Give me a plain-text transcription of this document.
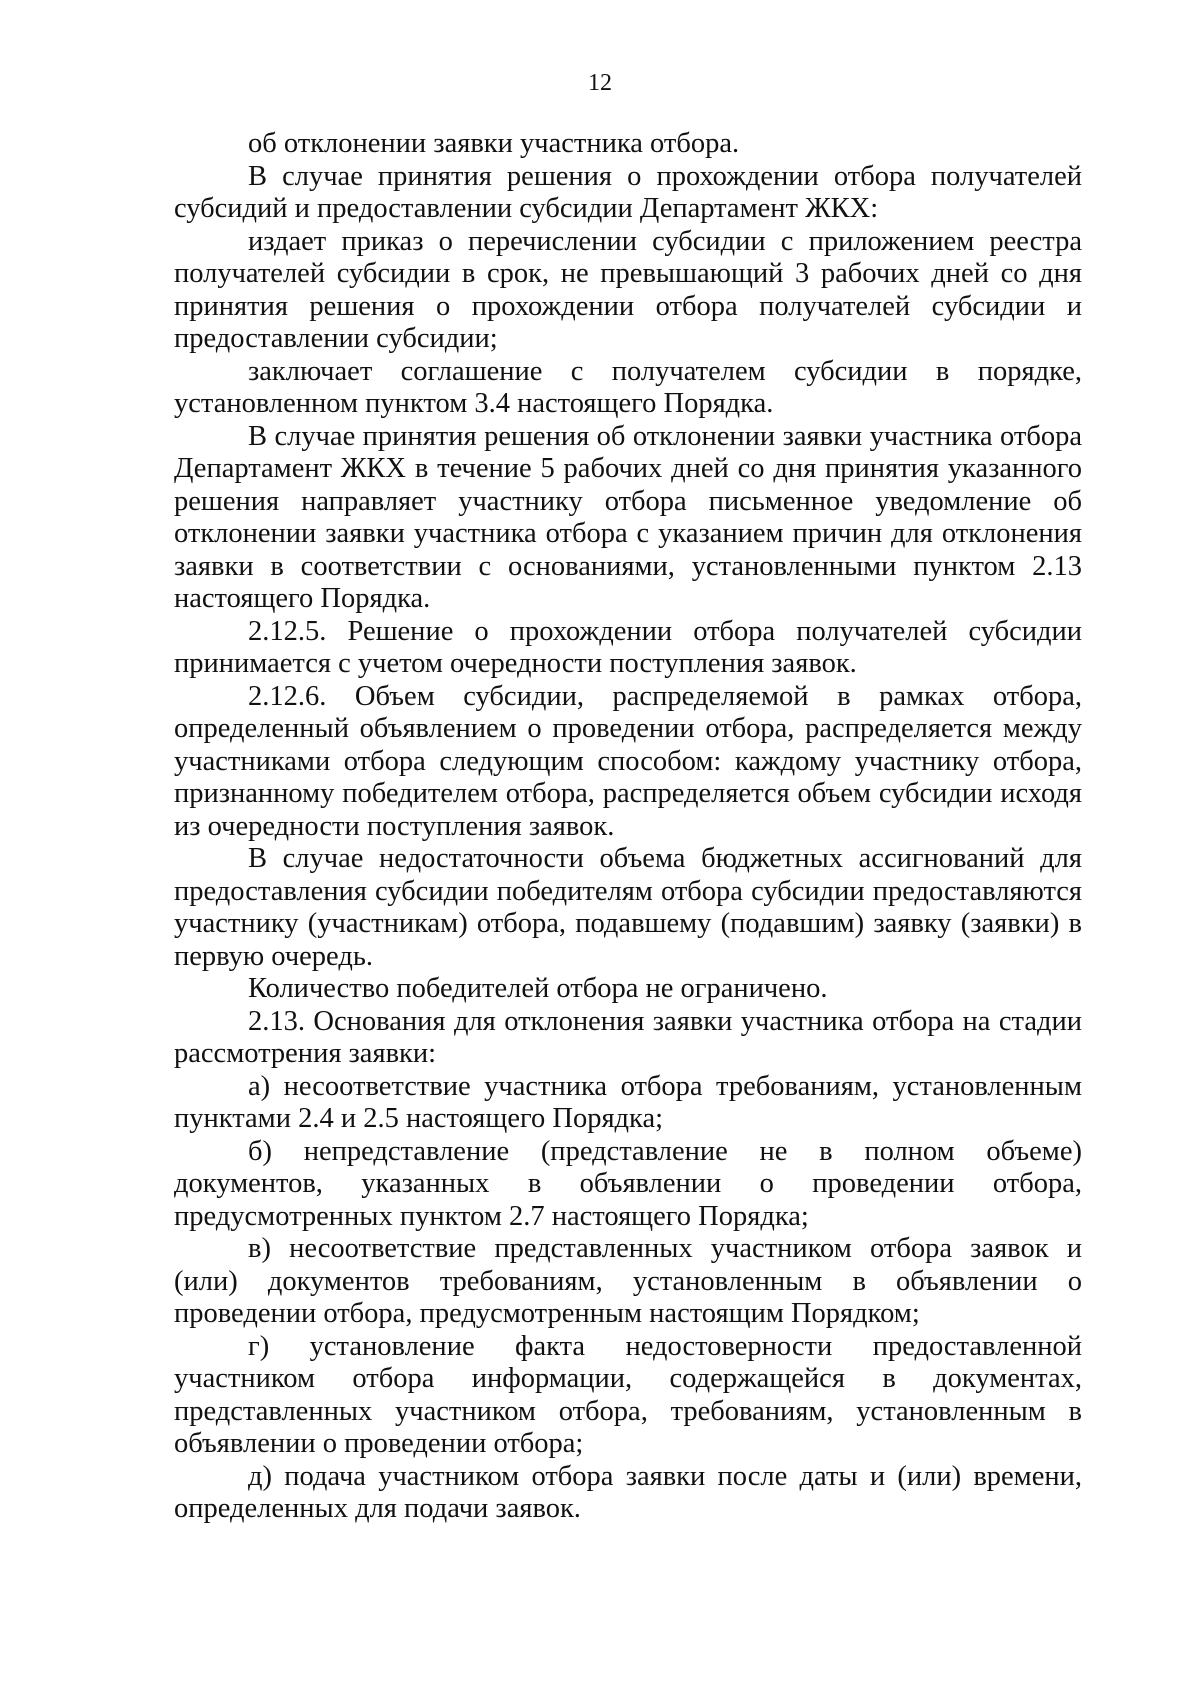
12

об отклонении заявки участника отбора.

В случае принятия решения о прохождении отбора получателей субсидий и предоставлении субсидии Департамент ЖКХ:

издает приказ о перечислении субсидии с приложением реестра получателей субсидии в срок, не превышающий 3 рабочих дней со дня принятия решения о прохождении отбора получателей субсидии и предоставлении субсидии;

заключает соглашение с получателем субсидии в порядке, установленном пунктом 3.4 настоящего Порядка.

В случае принятия решения об отклонении заявки участника отбора Департамент ЖКХ в течение 5 рабочих дней со дня принятия указанного решения направляет участнику отбора письменное уведомление об отклонении заявки участника отбора с указанием причин для отклонения заявки в соответствии с основаниями, установленными пунктом 2.13 настоящего Порядка.

2.12.5. Решение о прохождении отбора получателей субсидии принимается с учетом очередности поступления заявок.

2.12.6. Объем субсидии, распределяемой в рамках отбора, определенный объявлением о проведении отбора, распределяется между участниками отбора следующим способом: каждому участнику отбора, признанному победителем отбора, распределяется объем субсидии исходя из очередности поступления заявок.

В случае недостаточности объема бюджетных ассигнований для предоставления субсидии победителям отбора субсидии предоставляются участнику (участникам) отбора, подавшему (подавшим) заявку (заявки) в первую очередь.

Количество победителей отбора не ограничено.

2.13. Основания для отклонения заявки участника отбора на стадии рассмотрения заявки:

а) несоответствие участника отбора требованиям, установленным пунктами 2.4 и 2.5 настоящего Порядка;

б) непредставление (представление не в полном объеме) документов, указанных в объявлении о проведении отбора, предусмотренных пунктом 2.7 настоящего Порядка;

в) несоответствие представленных участником отбора заявок и (или) документов требованиям, установленным в объявлении о проведении отбора, предусмотренным настоящим Порядком;

г) установление факта недостоверности предоставленной участником отбора информации, содержащейся в документах, представленных участником отбора, требованиям, установленным в объявлении о проведении отбора;

д) подача участником отбора заявки после даты и (или) времени, определенных для подачи заявок.
